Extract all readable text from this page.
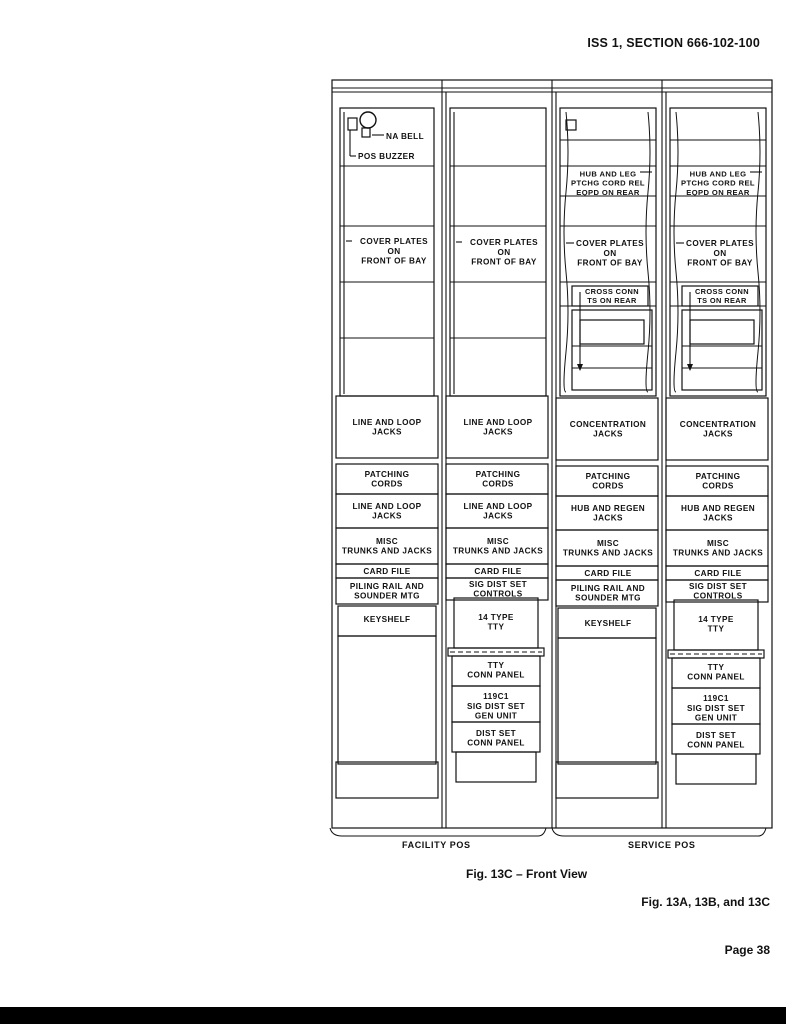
ISS 1, SECTION 666-102-100
NA BELL
POS BUZZER
COVER PLATES
ON
FRONT OF BAY
LINE AND LOOP
JACKS
PATCHING
CORDS
LINE AND LOOP
JACKS
MISC
TRUNKS AND JACKS
CARD FILE
PILING RAIL AND
SOUNDER MTG
KEYSHELF
COVER PLATES
ON
FRONT OF BAY
LINE AND LOOP
JACKS
PATCHING
CORDS
LINE AND LOOP
JACKS
MISC
TRUNKS AND JACKS
CARD FILE
SIG DIST SET
CONTROLS
14 TYPE
TTY
TTY
CONN PANEL
119C1
SIG DIST SET
GEN UNIT
DIST SET
CONN PANEL
HUB AND LEG
PTCHG CORD REL
EQPD ON REAR
COVER PLATES
ON
FRONT OF BAY
CROSS CONN
TS ON REAR
CONCENTRATION
JACKS
PATCHING
CORDS
HUB AND REGEN
JACKS
MISC
TRUNKS AND JACKS
CARD FILE
PILING RAIL AND
SOUNDER MTG
KEYSHELF
HUB AND LEG
PTCHG CORD REL
EQPD ON REAR
COVER PLATES
ON
FRONT OF BAY
CROSS CONN
TS ON REAR
CONCENTRATION
JACKS
PATCHING
CORDS
HUB AND REGEN
JACKS
MISC
TRUNKS AND JACKS
CARD FILE
SIG DIST SET
CONTROLS
14 TYPE
TTY
TTY
CONN PANEL
119C1
SIG DIST SET
GEN UNIT
DIST SET
CONN PANEL
FACILITY POS	SERVICE POS
Fig. 13C – Front View
Fig. 13A, 13B, and 13C
Page 38
